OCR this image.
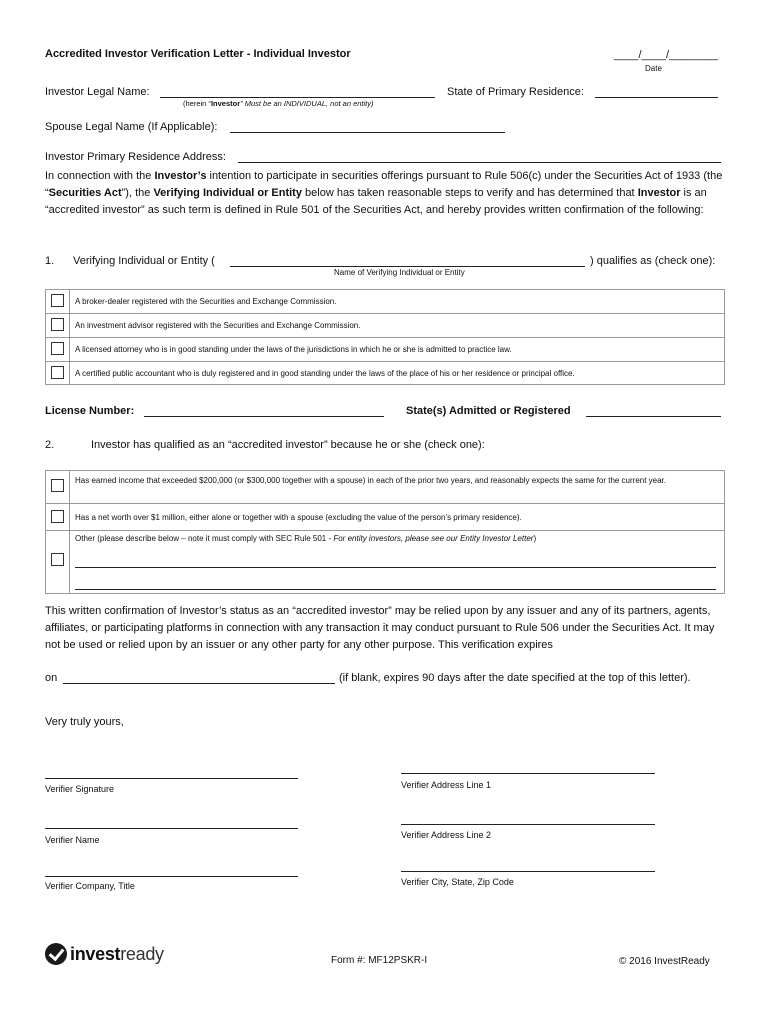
Accredited Investor Verification Letter - Individual Investor	____/____/________
Date
Investor Legal Name:
(herein “Investor” Must be an INDIVIDUAL, not an entity)
State of Primary Residence:
Spouse Legal Name (If Applicable):
Investor Primary Residence Address:
In connection with the Investor’s intention to participate in securities offerings pursuant to Rule 506(c) under the Securities Act of 1933 (the “Securities Act”), the Verifying Individual or Entity below has taken reasonable steps to verify and has determined that Investor is an “accredited investor” as such term is defined in Rule 501 of the Securities Act, and hereby provides written confirmation of the following:
1. Verifying Individual or Entity (	) qualifies as (check one):
Name of Verifying Individual or Entity
A broker-dealer registered with the Securities and Exchange Commission.
An investment advisor registered with the Securities and Exchange Commission.
A licensed attorney who is in good standing under the laws of the jurisdictions in which he or she is admitted to practice law.
A certified public accountant who is duly registered and in good standing under the laws of the place of his or her residence or principal office.
License Number:	State(s) Admitted or Registered
2.	Investor has qualified as an “accredited investor” because he or she (check one):
Has earned income that exceeded $200,000 (or $300,000 together with a spouse) in each of the prior two years, and reasonably expects the same for the current year.
Has a net worth over $1 million, either alone or together with a spouse (excluding the value of the person’s primary residence).
Other (please describe below – note it must comply with SEC Rule 501 - For entity investors, please see our Entity Investor Letter)
This written confirmation of Investor’s status as an “accredited investor” may be relied upon by any issuer and any of its partners, agents, affiliates, or participating platforms in connection with any transaction it may conduct pursuant to Rule 506 under the Securities Act. It may not be used or relied upon by an issuer or any other party for any other purpose. This verification expires
on	(if blank, expires 90 days after the date specified at the top of this letter).
Very truly yours,
Verifier Signature
Verifier Name
Verifier Company, Title
Verifier Address Line 1
Verifier Address Line 2
Verifier City, State, Zip Code
investready	Form #: MF12PSKR-I	© 2016 InvestReady
